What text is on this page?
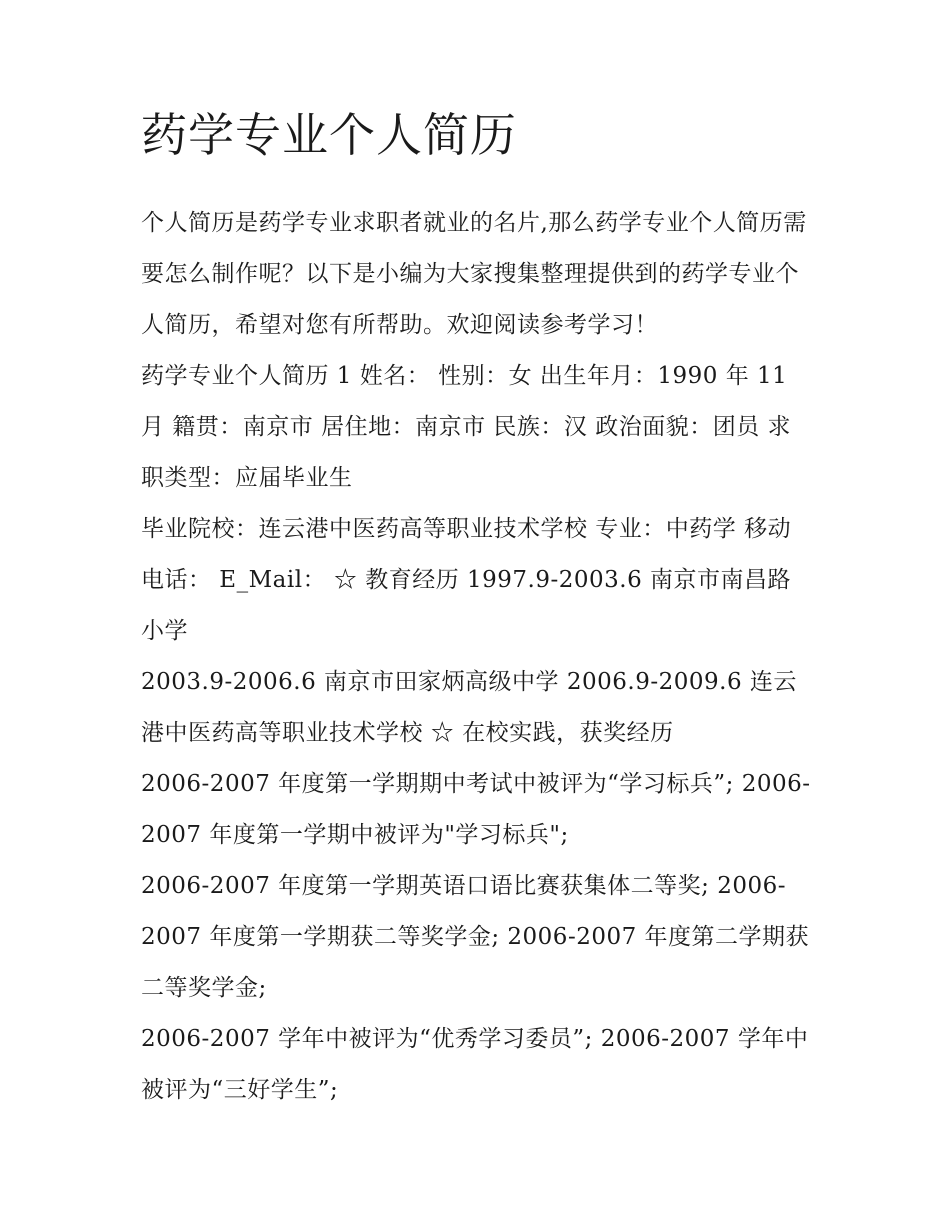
药学专业个人简历

个人简历是药学专业求职者就业的名片,那么药学专业个人简历需要怎么制作呢？以下是小编为大家搜集整理提供到的药学专业个人简历，希望对您有所帮助。欢迎阅读参考学习！

药学专业个人简历 1 姓名： 性别：女 出生年月：1990 年 11 月 籍贯：南京市 居住地：南京市 民族：汉 政治面貌：团员 求职类型：应届毕业生

毕业院校：连云港中医药高等职业技术学校 专业：中药学 移动电话： E_Mail： ☆ 教育经历 1997.9-2003.6 南京市南昌路小学

2003.9-2006.6 南京市田家炳高级中学 2006.9-2009.6 连云港中医药高等职业技术学校 ☆ 在校实践，获奖经历

2006-2007 年度第一学期期中考试中被评为“学习标兵”; 2006-2007 年度第一学期中被评为"学习标兵";

2006-2007 年度第一学期英语口语比赛获集体二等奖; 2006-2007 年度第一学期获二等奖学金; 2006-2007 年度第二学期获二等奖学金;

2006-2007 学年中被评为“优秀学习委员”; 2006-2007 学年中被评为“三好学生”;
